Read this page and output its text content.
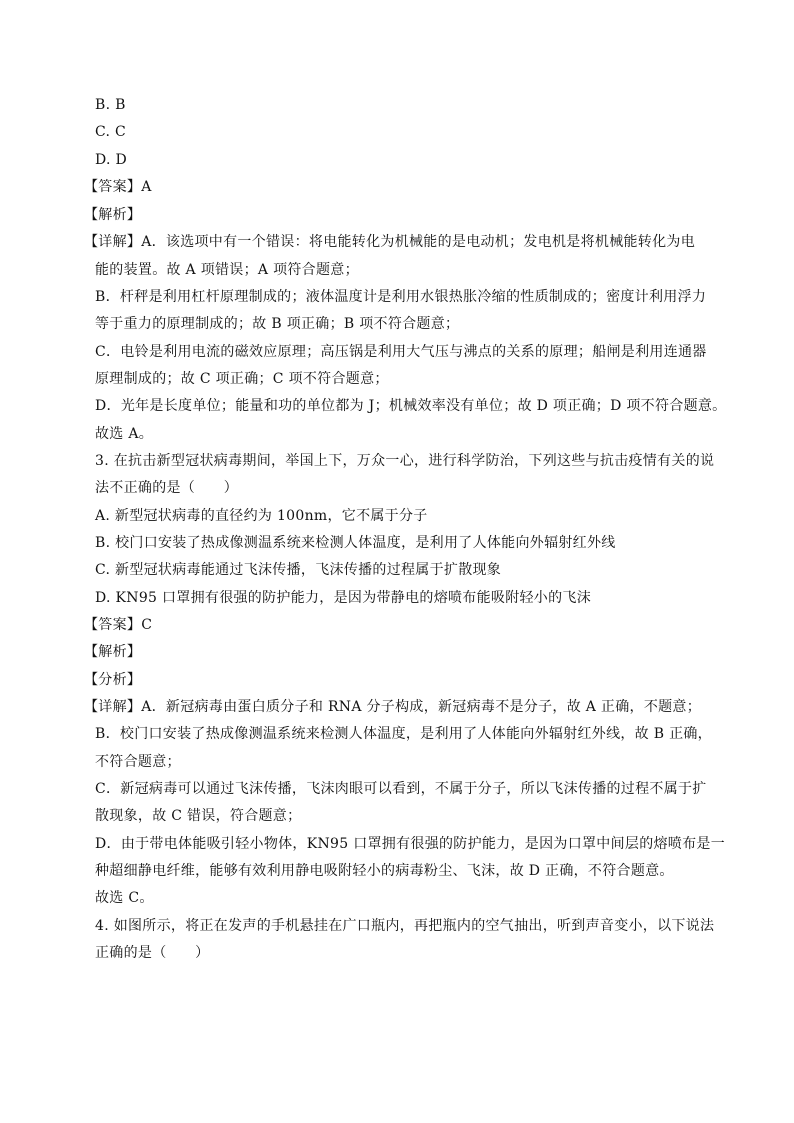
B. B
C. C
D. D
【答案】A
【解析】
【详解】A．该选项中有一个错误：将电能转化为机械能的是电动机；发电机是将机械能转化为电
能的装置。故 A 项错误；A 项符合题意；
B．杆秤是利用杠杆原理制成的；液体温度计是利用水银热胀冷缩的性质制成的；密度计利用浮力
等于重力的原理制成的；故 B 项正确；B 项不符合题意；
C．电铃是利用电流的磁效应原理；高压锅是利用大气压与沸点的关系的原理；船闸是利用连通器
原理制成的；故 C 项正确；C 项不符合题意；
D．光年是长度单位；能量和功的单位都为 J；机械效率没有单位；故 D 项正确；D 项不符合题意。
故选 A。
3. 在抗击新型冠状病毒期间，举国上下，万众一心，进行科学防治，下列这些与抗击疫情有关的说
法不正确的是（　　）
A. 新型冠状病毒的直径约为 100nm，它不属于分子
B. 校门口安装了热成像测温系统来检测人体温度，是利用了人体能向外辐射红外线
C. 新型冠状病毒能通过飞沫传播，飞沫传播的过程属于扩散现象
D. KN95 口罩拥有很强的防护能力，是因为带静电的熔喷布能吸附轻小的飞沫
【答案】C
【解析】
【分析】
【详解】A．新冠病毒由蛋白质分子和 RNA 分子构成，新冠病毒不是分子，故 A 正确，不题意；
B．校门口安装了热成像测温系统来检测人体温度，是利用了人体能向外辐射红外线，故 B 正确，
不符合题意；
C．新冠病毒可以通过飞沫传播，飞沫肉眼可以看到，不属于分子，所以飞沫传播的过程不属于扩
散现象，故 C 错误，符合题意；
D．由于带电体能吸引轻小物体，KN95 口罩拥有很强的防护能力，是因为口罩中间层的熔喷布是一
种超细静电纤维，能够有效利用静电吸附轻小的病毒粉尘、飞沫，故 D 正确，不符合题意。
故选 C。
4. 如图所示，将正在发声的手机悬挂在广口瓶内，再把瓶内的空气抽出，听到声音变小，以下说法
正确的是（　　）
